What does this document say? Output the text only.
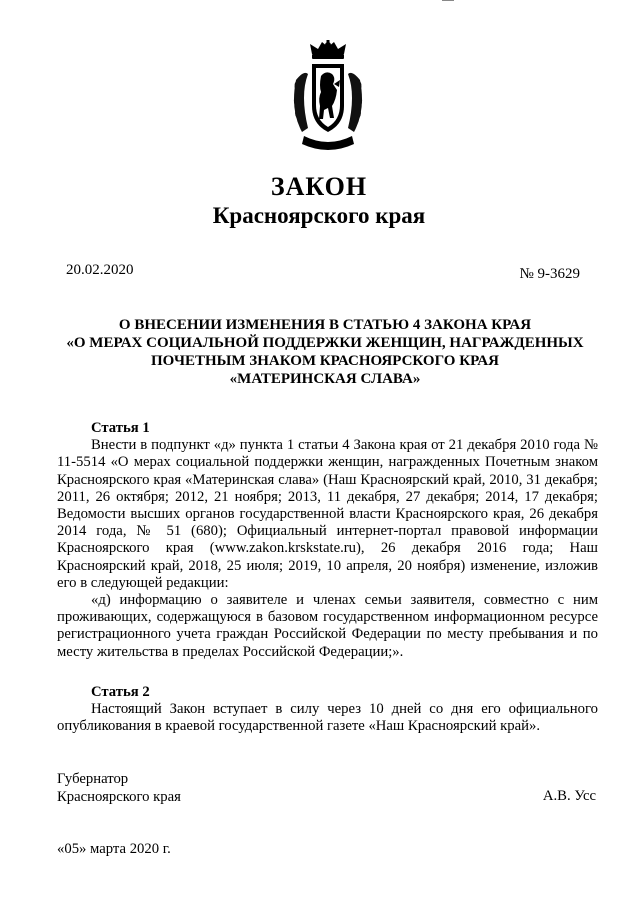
ЗАКОН
Красноярского края
20.02.2020	№ 9-3629
О ВНЕСЕНИИ ИЗМЕНЕНИЯ В СТАТЬЮ 4 ЗАКОНА КРАЯ
«О МЕРАХ СОЦИАЛЬНОЙ ПОДДЕРЖКИ ЖЕНЩИН, НАГРАЖДЕННЫХ
ПОЧЕТНЫМ ЗНАКОМ КРАСНОЯРСКОГО КРАЯ
«МАТЕРИНСКАЯ СЛАВА»
Статья 1
Внести в подпункт «д» пункта 1 статьи 4 Закона края от 21 декабря 2010 года № 11-5514 «О мерах социальной поддержки женщин, награжденных Почетным знаком Красноярского края «Материнская слава» (Наш Красноярский край, 2010, 31 декабря; 2011, 26 октября; 2012, 21 ноября; 2013, 11 декабря, 27 декабря; 2014, 17 декабря; Ведомости высших органов государственной власти Красноярского края, 26 декабря 2014 года, № 51 (680); Официальный интернет-портал правовой информации Красноярского края (www.zakon.krskstate.ru), 26 декабря 2016 года; Наш Красноярский край, 2018, 25 июля; 2019, 10 апреля, 20 ноября) изменение, изложив его в следующей редакции:
«д) информацию о заявителе и членах семьи заявителя, совместно с ним проживающих, содержащуюся в базовом государственном информационном ресурсе регистрационного учета граждан Российской Федерации по месту пребывания и по месту жительства в пределах Российской Федерации;».
Статья 2
Настоящий Закон вступает в силу через 10 дней со дня его официального опубликования в краевой государственной газете «Наш Красноярский край».
Губернатор
Красноярского края	А.В. Усс
«05» марта 2020 г.
